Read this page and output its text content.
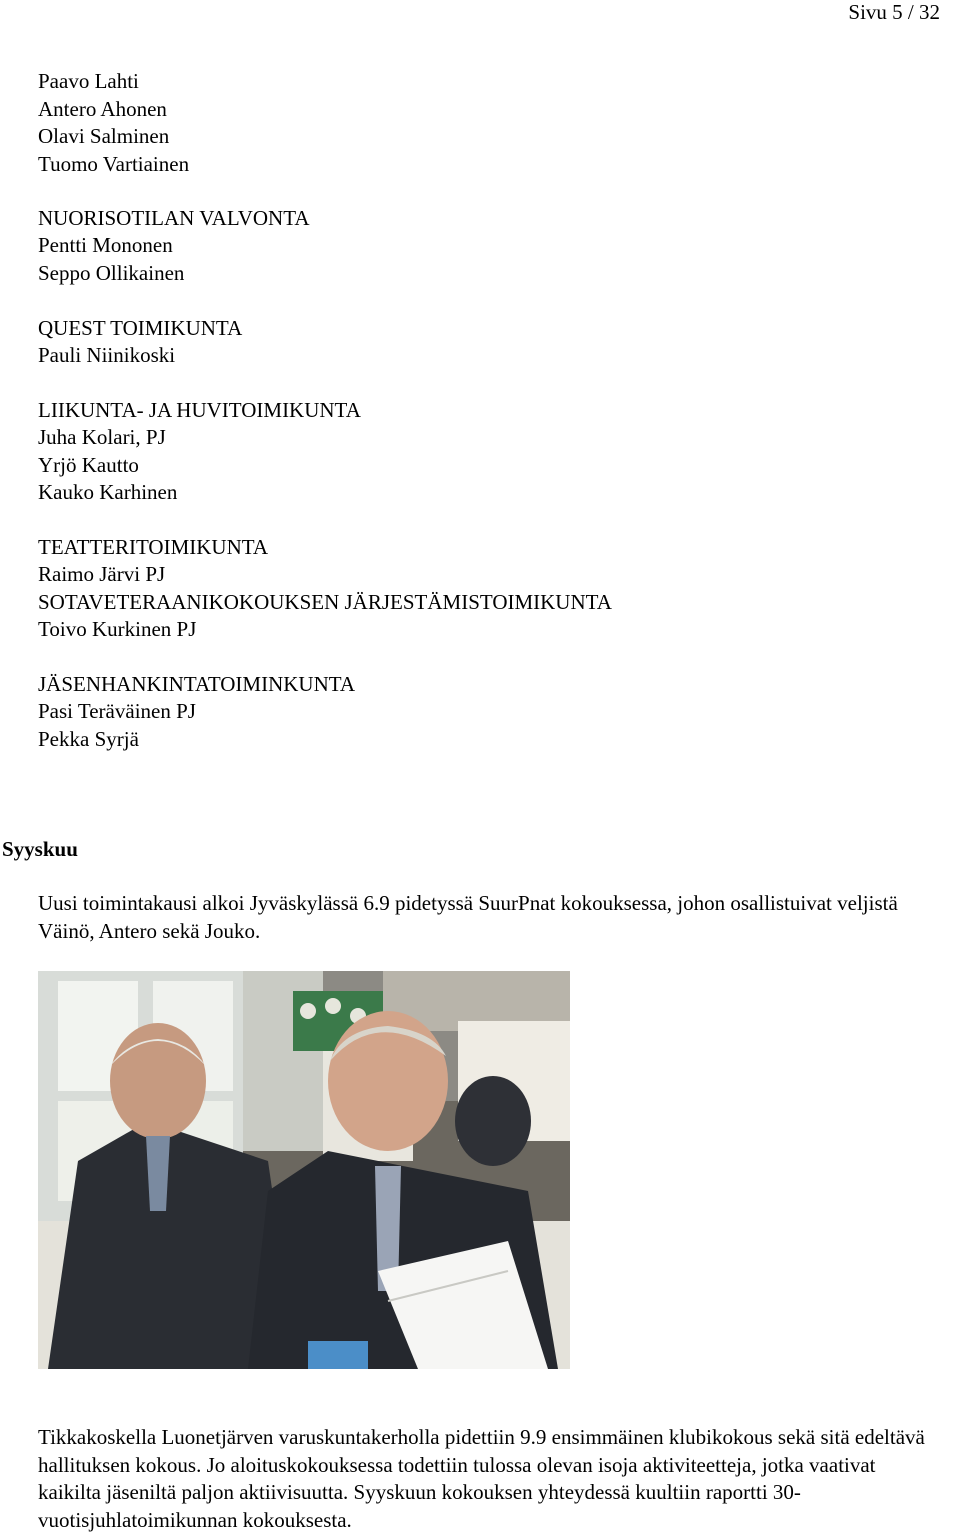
Sivu 5 / 32
Paavo Lahti
Antero Ahonen
Olavi Salminen
Tuomo Vartiainen
NUORISOTILAN VALVONTA
Pentti Mononen
Seppo Ollikainen
QUEST TOIMIKUNTA
Pauli Niinikoski
LIIKUNTA- JA HUVITOIMIKUNTA
Juha Kolari, PJ
Yrjö Kautto
Kauko Karhinen
TEATTERITOIMIKUNTA
Raimo Järvi PJ
SOTAVETERAANIKOKOUKSEN JÄRJESTÄMISTOIMIKUNTA
Toivo Kurkinen PJ
JÄSENHANKINTATOIMINKUNTA
Pasi Teräväinen PJ
Pekka Syrjä
Syyskuu
Uusi toimintakausi alkoi Jyväskylässä 6.9 pidetyssä SuurPnat kokouksessa, johon osallistuivat veljistä Väinö, Antero sekä Jouko.
Tikkakoskella Luonetjärven varuskuntakerholla pidettiin 9.9 ensimmäinen klubikokous sekä sitä edeltävä hallituksen kokous. Jo aloituskokouksessa todettiin tulossa olevan isoja aktiviteetteja, jotka vaativat kaikilta jäseniltä paljon aktiivisuutta. Syyskuun kokouksen yhteydessä kuultiin raportti 30-vuotisjuhlatoimikunnan kokouksesta.
